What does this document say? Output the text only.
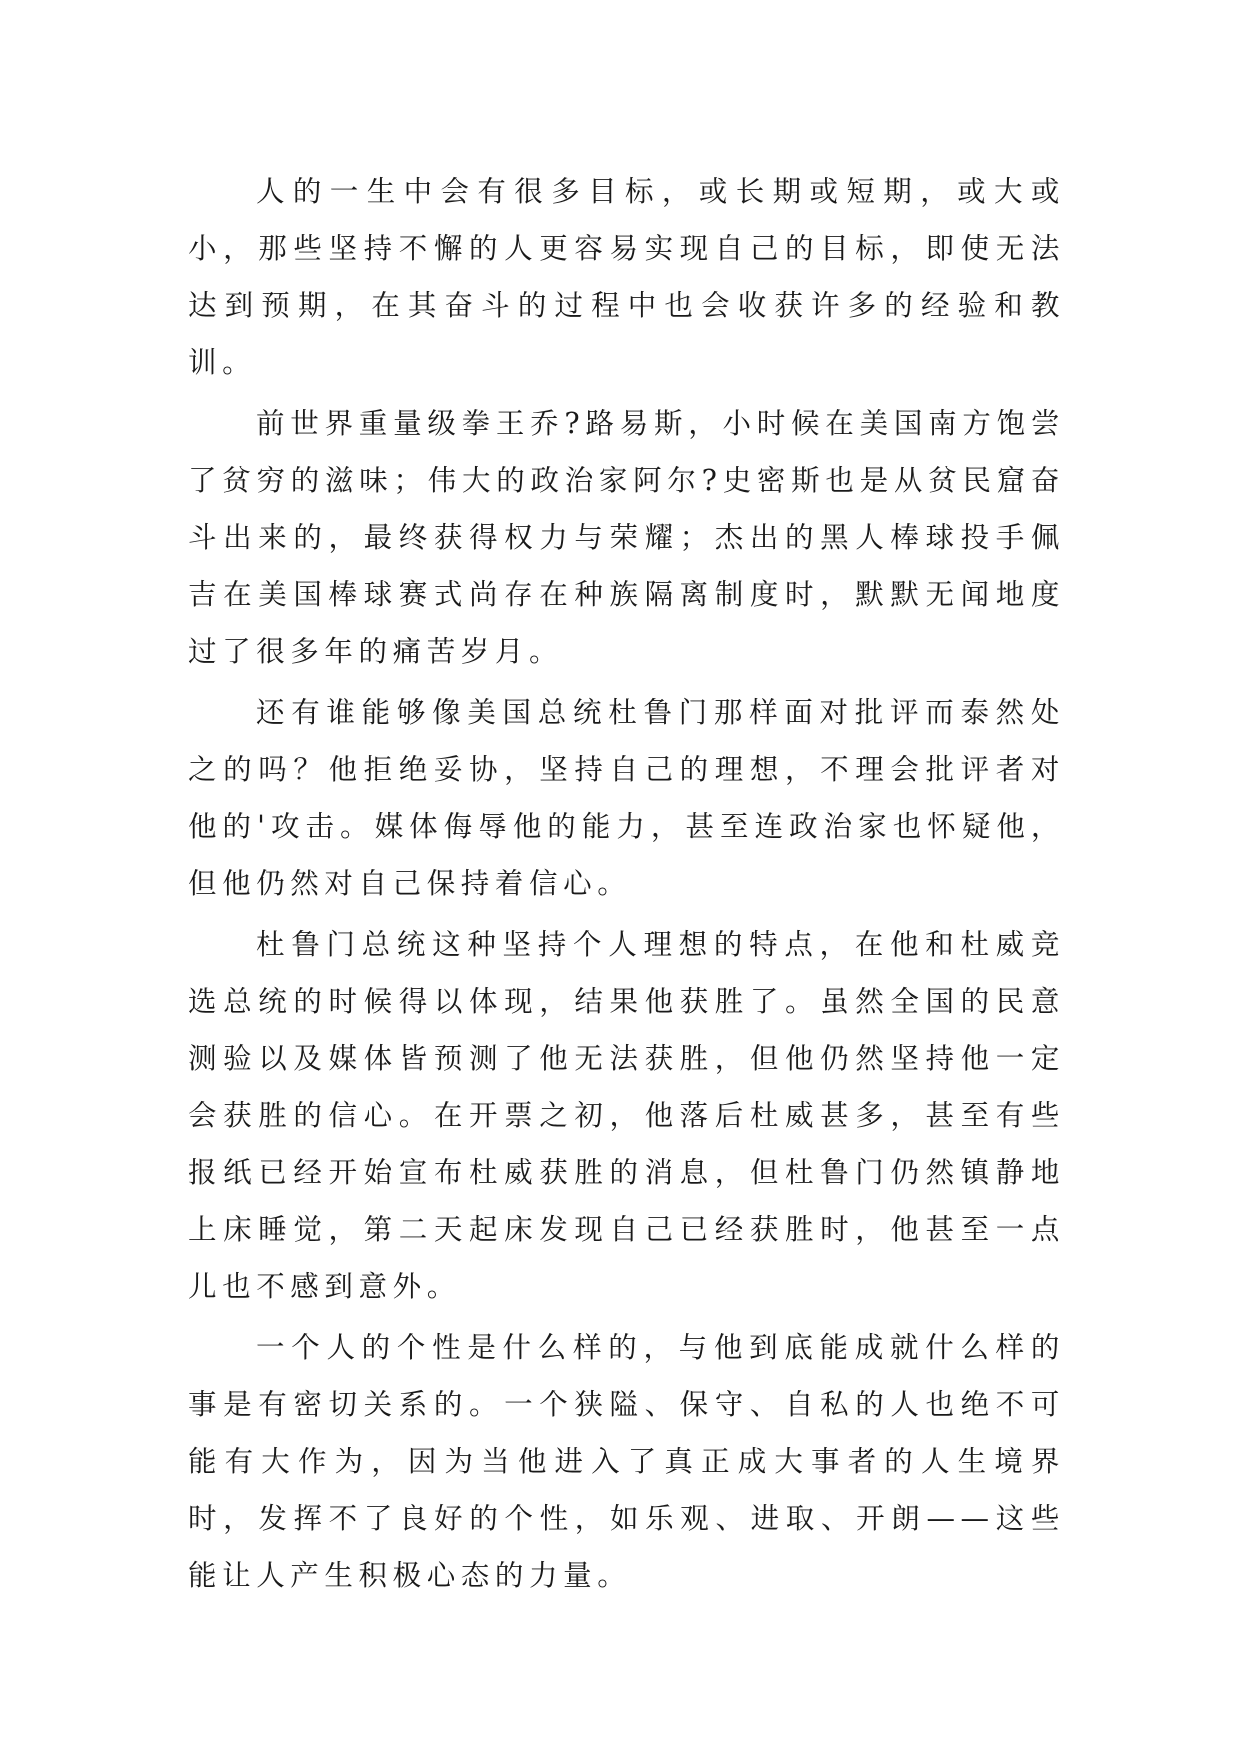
人的一生中会有很多目标，或长期或短期，或大或小，那些坚持不懈的人更容易实现自己的目标，即使无法达到预期，在其奋斗的过程中也会收获许多的经验和教训。

前世界重量级拳王乔?路易斯，小时候在美国南方饱尝了贫穷的滋味；伟大的政治家阿尔?史密斯也是从贫民窟奋斗出来的，最终获得权力与荣耀；杰出的黑人棒球投手佩吉在美国棒球赛式尚存在种族隔离制度时，默默无闻地度过了很多年的痛苦岁月。

还有谁能够像美国总统杜鲁门那样面对批评而泰然处之的吗？他拒绝妥协，坚持自己的理想，不理会批评者对他的'攻击。媒体侮辱他的能力，甚至连政治家也怀疑他，但他仍然对自己保持着信心。

杜鲁门总统这种坚持个人理想的特点，在他和杜威竞选总统的时候得以体现，结果他获胜了。虽然全国的民意测验以及媒体皆预测了他无法获胜，但他仍然坚持他一定会获胜的信心。在开票之初，他落后杜威甚多，甚至有些报纸已经开始宣布杜威获胜的消息，但杜鲁门仍然镇静地上床睡觉，第二天起床发现自己已经获胜时，他甚至一点儿也不感到意外。

一个人的个性是什么样的，与他到底能成就什么样的事是有密切关系的。一个狭隘、保守、自私的人也绝不可能有大作为，因为当他进入了真正成大事者的人生境界时，发挥不了良好的个性，如乐观、进取、开朗——这些能让人产生积极心态的力量。
